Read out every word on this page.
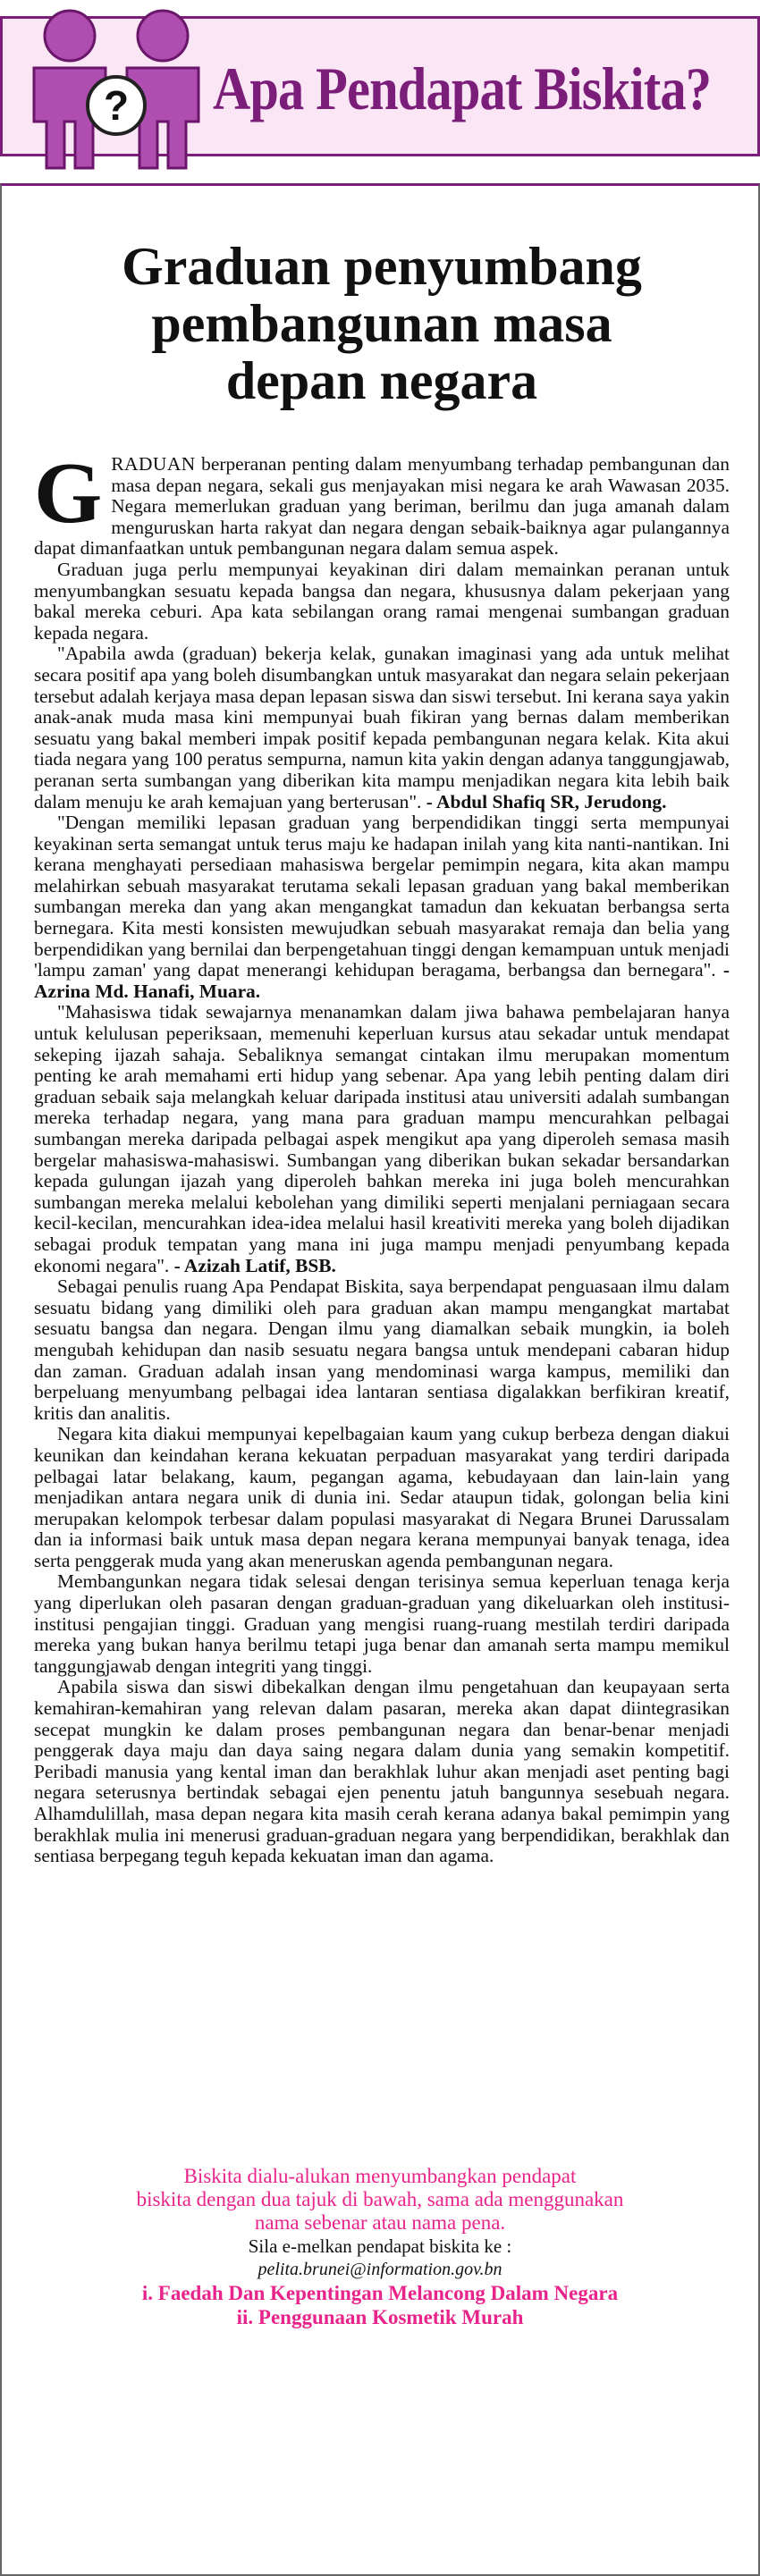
? Apa Pendapat Biskita?
Graduan penyumbang
pembangunan masa
depan negara

GRADUAN berperanan penting dalam menyumbang terhadap pembangunan dan masa depan negara, sekali gus menjayakan misi negara ke arah Wawasan 2035. Negara memerlukan graduan yang beriman, berilmu dan juga amanah dalam menguruskan harta rakyat dan negara dengan sebaik-baiknya agar pulangannya dapat dimanfaatkan untuk pembangunan negara dalam semua aspek.

Graduan juga perlu mempunyai keyakinan diri dalam memainkan peranan untuk menyumbangkan sesuatu kepada bangsa dan negara, khususnya dalam pekerjaan yang bakal mereka ceburi. Apa kata sebilangan orang ramai mengenai sumbangan graduan kepada negara.

"Apabila awda (graduan) bekerja kelak, gunakan imaginasi yang ada untuk melihat secara positif apa yang boleh disumbangkan untuk masyarakat dan negara selain pekerjaan tersebut adalah kerjaya masa depan lepasan siswa dan siswi tersebut. Ini kerana saya yakin anak-anak muda masa kini mempunyai buah fikiran yang bernas dalam memberikan sesuatu yang bakal memberi impak positif kepada pembangunan negara kelak. Kita akui tiada negara yang 100 peratus sempurna, namun kita yakin dengan adanya tanggungjawab, peranan serta sumbangan yang diberikan kita mampu menjadikan negara kita lebih baik dalam menuju ke arah kemajuan yang berterusan". - Abdul Shafiq SR, Jerudong.

"Dengan memiliki lepasan graduan yang berpendidikan tinggi serta mempunyai keyakinan serta semangat untuk terus maju ke hadapan inilah yang kita nanti-nantikan. Ini kerana menghayati persediaan mahasiswa bergelar pemimpin negara, kita akan mampu melahirkan sebuah masyarakat terutama sekali lepasan graduan yang bakal memberikan sumbangan mereka dan yang akan mengangkat tamadun dan kekuatan berbangsa serta bernegara. Kita mesti konsisten mewujudkan sebuah masyarakat remaja dan belia yang berpendidikan yang bernilai dan berpengetahuan tinggi dengan kemampuan untuk menjadi 'lampu zaman' yang dapat menerangi kehidupan beragama, berbangsa dan bernegara". - Azrina Md. Hanafi, Muara.

"Mahasiswa tidak sewajarnya menanamkan dalam jiwa bahawa pembelajaran hanya untuk kelulusan peperiksaan, memenuhi keperluan kursus atau sekadar untuk mendapat sekeping ijazah sahaja. Sebaliknya semangat cintakan ilmu merupakan momentum penting ke arah memahami erti hidup yang sebenar. Apa yang lebih penting dalam diri graduan sebaik saja melangkah keluar daripada institusi atau universiti adalah sumbangan mereka terhadap negara, yang mana para graduan mampu mencurahkan pelbagai sumbangan mereka daripada pelbagai aspek mengikut apa yang diperoleh semasa masih bergelar mahasiswa-mahasiswi. Sumbangan yang diberikan bukan sekadar bersandarkan kepada gulungan ijazah yang diperoleh bahkan mereka ini juga boleh mencurahkan sumbangan mereka melalui kebolehan yang dimiliki seperti menjalani perniagaan secara kecil-kecilan, mencurahkan idea-idea melalui hasil kreativiti mereka yang boleh dijadikan sebagai produk tempatan yang mana ini juga mampu menjadi penyumbang kepada ekonomi negara". - Azizah Latif, BSB.

Sebagai penulis ruang Apa Pendapat Biskita, saya berpendapat penguasaan ilmu dalam sesuatu bidang yang dimiliki oleh para graduan akan mampu mengangkat martabat sesuatu bangsa dan negara. Dengan ilmu yang diamalkan sebaik mungkin, ia boleh mengubah kehidupan dan nasib sesuatu negara bangsa untuk mendepani cabaran hidup dan zaman. Graduan adalah insan yang mendominasi warga kampus, memiliki dan berpeluang menyumbang pelbagai idea lantaran sentiasa digalakkan berfikiran kreatif, kritis dan analitis.

Negara kita diakui mempunyai kepelbagaian kaum yang cukup berbeza dengan diakui keunikan dan keindahan kerana kekuatan perpaduan masyarakat yang terdiri daripada pelbagai latar belakang, kaum, pegangan agama, kebudayaan dan lain-lain yang menjadikan antara negara unik di dunia ini. Sedar ataupun tidak, golongan belia kini merupakan kelompok terbesar dalam populasi masyarakat di Negara Brunei Darussalam dan ia informasi baik untuk masa depan negara kerana mempunyai banyak tenaga, idea serta penggerak muda yang akan meneruskan agenda pembangunan negara.

Membangunkan negara tidak selesai dengan terisinya semua keperluan tenaga kerja yang diperlukan oleh pasaran dengan graduan-graduan yang dikeluarkan oleh institusi-institusi pengajian tinggi. Graduan yang mengisi ruang-ruang mestilah terdiri daripada mereka yang bukan hanya berilmu tetapi juga benar dan amanah serta mampu memikul tanggungjawab dengan integriti yang tinggi.

Apabila siswa dan siswi dibekalkan dengan ilmu pengetahuan dan keupayaan serta kemahiran-kemahiran yang relevan dalam pasaran, mereka akan dapat diintegrasikan secepat mungkin ke dalam proses pembangunan negara dan benar-benar menjadi penggerak daya maju dan daya saing negara dalam dunia yang semakin kompetitif. Peribadi manusia yang kental iman dan berakhlak luhur akan menjadi aset penting bagi negara seterusnya bertindak sebagai ejen penentu jatuh bangunnya sesebuah negara. Alhamdulillah, masa depan negara kita masih cerah kerana adanya bakal pemimpin yang berakhlak mulia ini menerusi graduan-graduan negara yang berpendidikan, berakhlak dan sentiasa berpegang teguh kepada kekuatan iman dan agama.

Biskita dialu-alukan menyumbangkan pendapat
biskita dengan dua tajuk di bawah, sama ada menggunakan
nama sebenar atau nama pena.
Sila e-melkan pendapat biskita ke :
pelita.brunei@information.gov.bn
i. Faedah Dan Kepentingan Melancong Dalam Negara
ii. Penggunaan Kosmetik Murah
